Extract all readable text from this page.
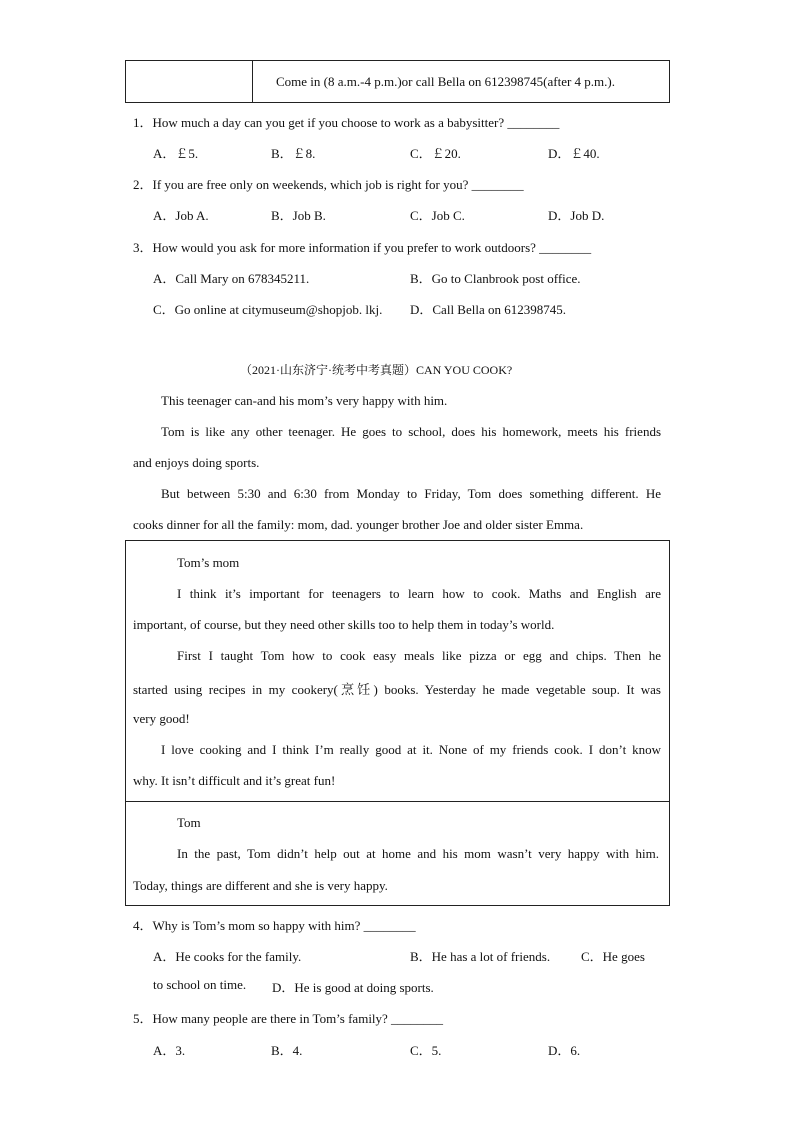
Come in (8 a.m.-4 p.m.)or call Bella on 612398745(after 4 p.m.).
1．How much a day can you get if you choose to work as a babysitter? ________
A．￡5.	B．￡8.	C．￡20.	D．￡40.
2．If you are free only on weekends, which job is right for you? ________
A．Job A.	B．Job B.	C．Job C.	D．Job D.
3．How would you ask for more information if you prefer to work outdoors? ________
A．Call Mary on 678345211.	B．Go to Clanbrook post office.
C．Go online at citymuseum@shopjob. lkj. D．Call Bella on 612398745.
（2021·山东济宁·统考中考真题）CAN YOU COOK?
This teenager can-and his mom’s very happy with him.
Tom is like any other teenager. He goes to school, does his homework, meets his friends
and enjoys doing sports.
But between 5:30 and 6:30 from Monday to Friday, Tom does something different. He
cooks dinner for all the family: mom, dad. younger brother Joe and older sister Emma.
Tom’s mom
I think it’s important for teenagers to learn how to cook. Maths and English are
important, of course, but they need other skills too to help them in today’s world.
First I taught Tom how to cook easy meals like pizza or egg and chips. Then he
started using recipes in my cookery(烹饪) books. Yesterday he made vegetable soup. It was
very good!
I love cooking and I think I’m really good at it. None of my friends cook. I don’t know
why. It isn’t difficult and it’s great fun!
Tom
In the past, Tom didn’t help out at home and his mom wasn’t very happy with him.
Today, things are different and she is very happy.
4．Why is Tom’s mom so happy with him? ________
A．He cooks for the family.	B．He has a lot of friends. C．He goes
to school on time. D．He is good at doing sports.
5．How many people are there in Tom’s family? ________
A．3.	B．4.	C．5.	D．6.
